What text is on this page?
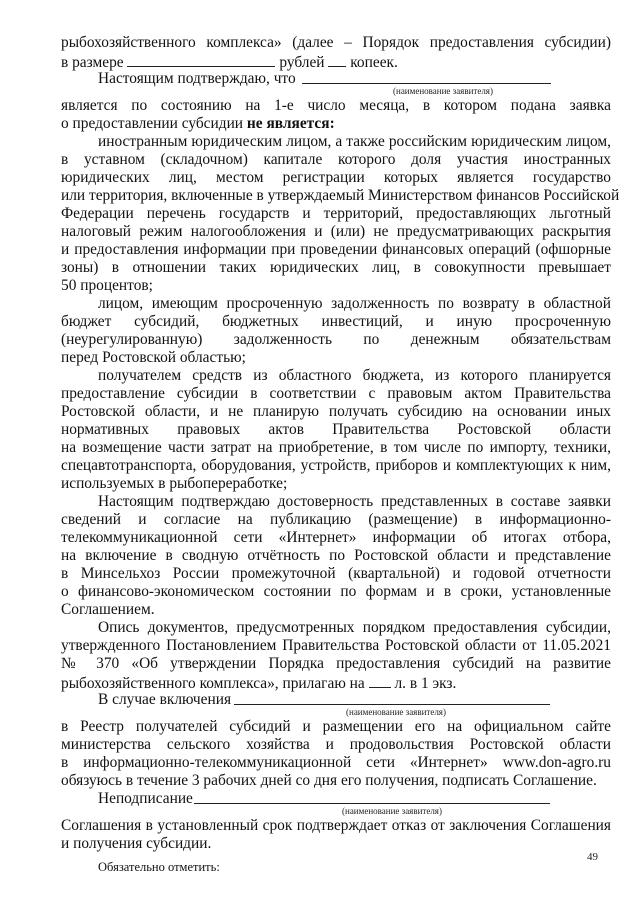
рыбохозяйственного комплекса» (далее – Порядок предоставления субсидии)
в размере	рублей копеек.
Настоящим подтверждаю, что
(наименование заявителя)
является по состоянию на 1-е число месяца, в котором подана заявка
о предоставлении субсидии не является:
иностранным юридическим лицом, а также российским юридическим лицом,
в уставном (складочном) капитале которого доля участия иностранных
юридических лиц, местом регистрации которых является государство
или территория, включенные в утверждаемый Министерством финансов Российской
Федерации перечень государств и территорий, предоставляющих льготный
налоговый режим налогообложения и (или) не предусматривающих раскрытия
и предоставления информации при проведении финансовых операций (офшорные
зоны) в отношении таких юридических лиц, в совокупности превышает
50 процентов;
лицом, имеющим просроченную задолженность по возврату в областной
бюджет субсидий, бюджетных инвестиций, и иную просроченную
(неурегулированную) задолженность по денежным обязательствам
перед Ростовской областью;
получателем средств из областного бюджета, из которого планируется
предоставление субсидии в соответствии с правовым актом Правительства
Ростовской области, и не планирую получать субсидию на основании иных
нормативных правовых актов Правительства Ростовской области
на возмещение части затрат на приобретение, в том числе по импорту, техники,
спецавтотранспорта, оборудования, устройств, приборов и комплектующих к ним,
используемых в рыбопереработке;
Настоящим подтверждаю достоверность представленных в составе заявки
сведений и согласие на публикацию (размещение) в информационно-
телекоммуникационной сети «Интернет» информации об итогах отбора,
на включение в сводную отчётность по Ростовской области и представление
в Минсельхоз России промежуточной (квартальной) и годовой отчетности
о финансово-экономическом состоянии по формам и в сроки, установленные
Соглашением.
Опись документов, предусмотренных порядком предоставления субсидии,
утвержденного Постановлением Правительства Ростовской области от 11.05.2021
№ 370 «Об утверждении Порядка предоставления субсидий на развитие
рыбохозяйственного комплекса», прилагаю на л. в 1 экз.
В случае включения
(наименование заявителя)
в Реестр получателей субсидий и размещении его на официальном сайте
министерства сельского хозяйства и продовольствия Ростовской области
в информационно-телекоммуникационной сети «Интернет» www.don-agro.ru
обязуюсь в течение 3 рабочих дней со дня его получения, подписать Соглашение.
Неподписание
(наименование заявителя)
Соглашения в установленный срок подтверждает отказ от заключения Соглашения
и получения субсидии.
Обязательно отметить:
49
